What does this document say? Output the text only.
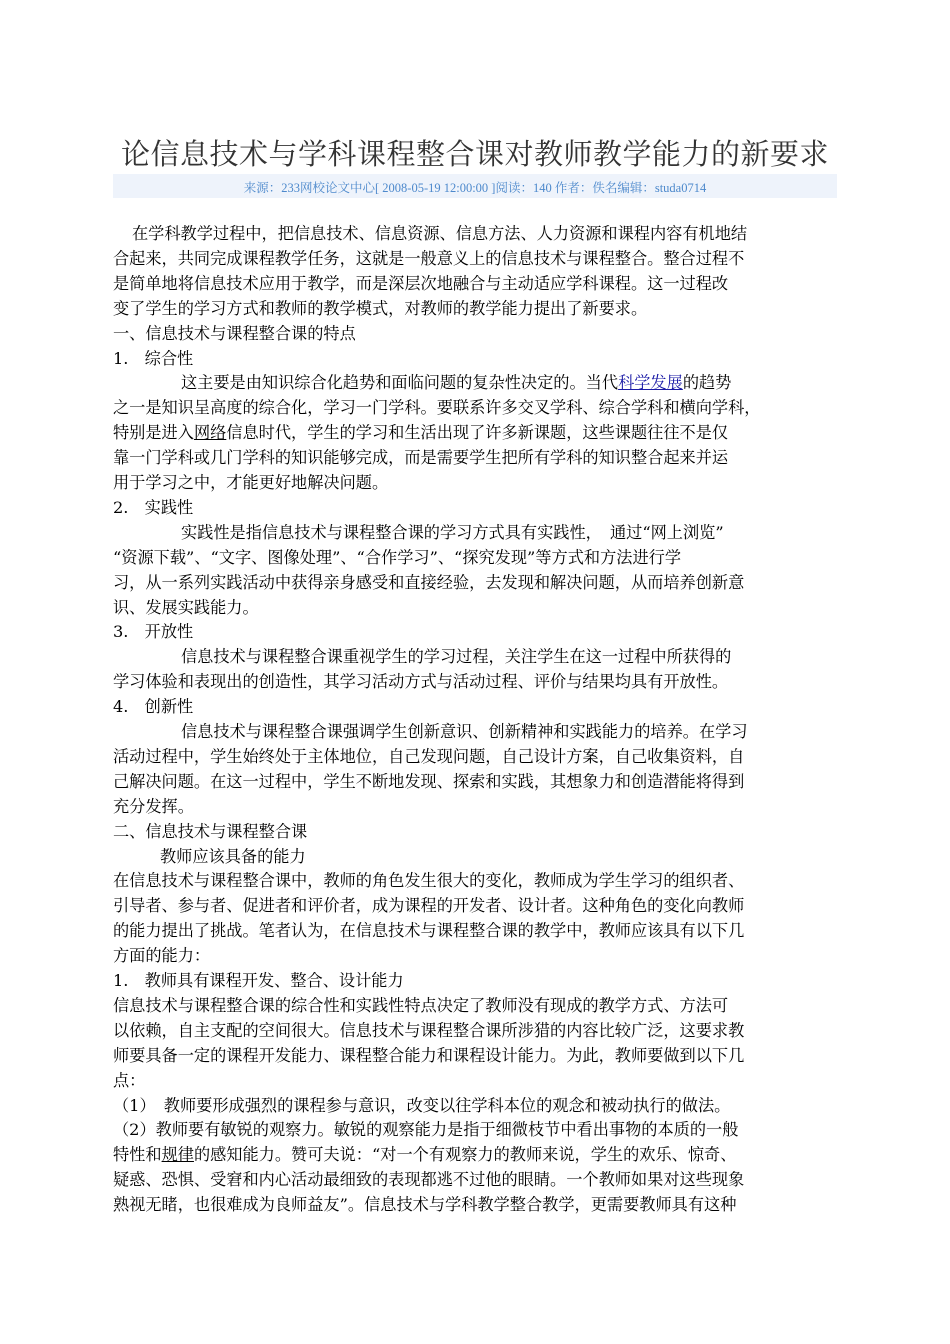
论信息技术与学科课程整合课对教师教学能力的新要求
来源：233网校论文中心[ 2008-05-19 12:00:00 ]阅读：140 作者：佚名编辑：studa0714
在学科教学过程中，把信息技术、信息资源、信息方法、人力资源和课程内容有机地结
合起来，共同完成课程教学任务，这就是一般意义上的信息技术与课程整合。整合过程不
是简单地将信息技术应用于教学，而是深层次地融合与主动适应学科课程。这一过程改
变了学生的学习方式和教师的教学模式，对教师的教学能力提出了新要求。
一、信息技术与课程整合课的特点
1.　综合性
这主要是由知识综合化趋势和面临问题的复杂性决定的。当代科学发展的趋势
之一是知识呈高度的综合化，学习一门学科。要联系许多交叉学科、综合学科和横向学科，
特别是进入网络信息时代，学生的学习和生活出现了许多新课题，这些课题往往不是仅
靠一门学科或几门学科的知识能够完成，而是需要学生把所有学科的知识整合起来并运
用于学习之中，才能更好地解决问题。
2.　实践性
实践性是指信息技术与课程整合课的学习方式具有实践性，　通过“网上浏览”
“资源下载”、“文字、图像处理”、“合作学习”、“探究发现”等方式和方法进行学
习，从一系列实践活动中获得亲身感受和直接经验，去发现和解决问题，从而培养创新意
识、发展实践能力。
3.　开放性
信息技术与课程整合课重视学生的学习过程，关注学生在这一过程中所获得的
学习体验和表现出的创造性，其学习活动方式与活动过程、评价与结果均具有开放性。
4.　创新性
信息技术与课程整合课强调学生创新意识、创新精神和实践能力的培养。在学习
活动过程中，学生始终处于主体地位，自己发现问题，自己设计方案，自己收集资料，自
己解决问题。在这一过程中，学生不断地发现、探索和实践，其想象力和创造潜能将得到
充分发挥。
二、信息技术与课程整合课
教师应该具备的能力
在信息技术与课程整合课中，教师的角色发生很大的变化，教师成为学生学习的组织者、
引导者、参与者、促进者和评价者，成为课程的开发者、设计者。这种角色的变化向教师
的能力提出了挑战。笔者认为，在信息技术与课程整合课的教学中，教师应该具有以下几
方面的能力：
1.　教师具有课程开发、整合、设计能力
信息技术与课程整合课的综合性和实践性特点决定了教师没有现成的教学方式、方法可
以依赖，自主支配的空间很大。信息技术与课程整合课所涉猎的内容比较广泛，这要求教
师要具备一定的课程开发能力、课程整合能力和课程设计能力。为此，教师要做到以下几
点：
（1）　教师要形成强烈的课程参与意识，改变以往学科本位的观念和被动执行的做法。
（2）教师要有敏锐的观察力。敏锐的观察能力是指于细微枝节中看出事物的本质的一般
特性和规律的感知能力。赞可夫说：“对一个有观察力的教师来说，学生的欢乐、惊奇、
疑惑、恐惧、受窘和内心活动最细致的表现都逃不过他的眼睛。一个教师如果对这些现象
熟视无睹，也很难成为良师益友”。信息技术与学科教学整合教学，更需要教师具有这种
